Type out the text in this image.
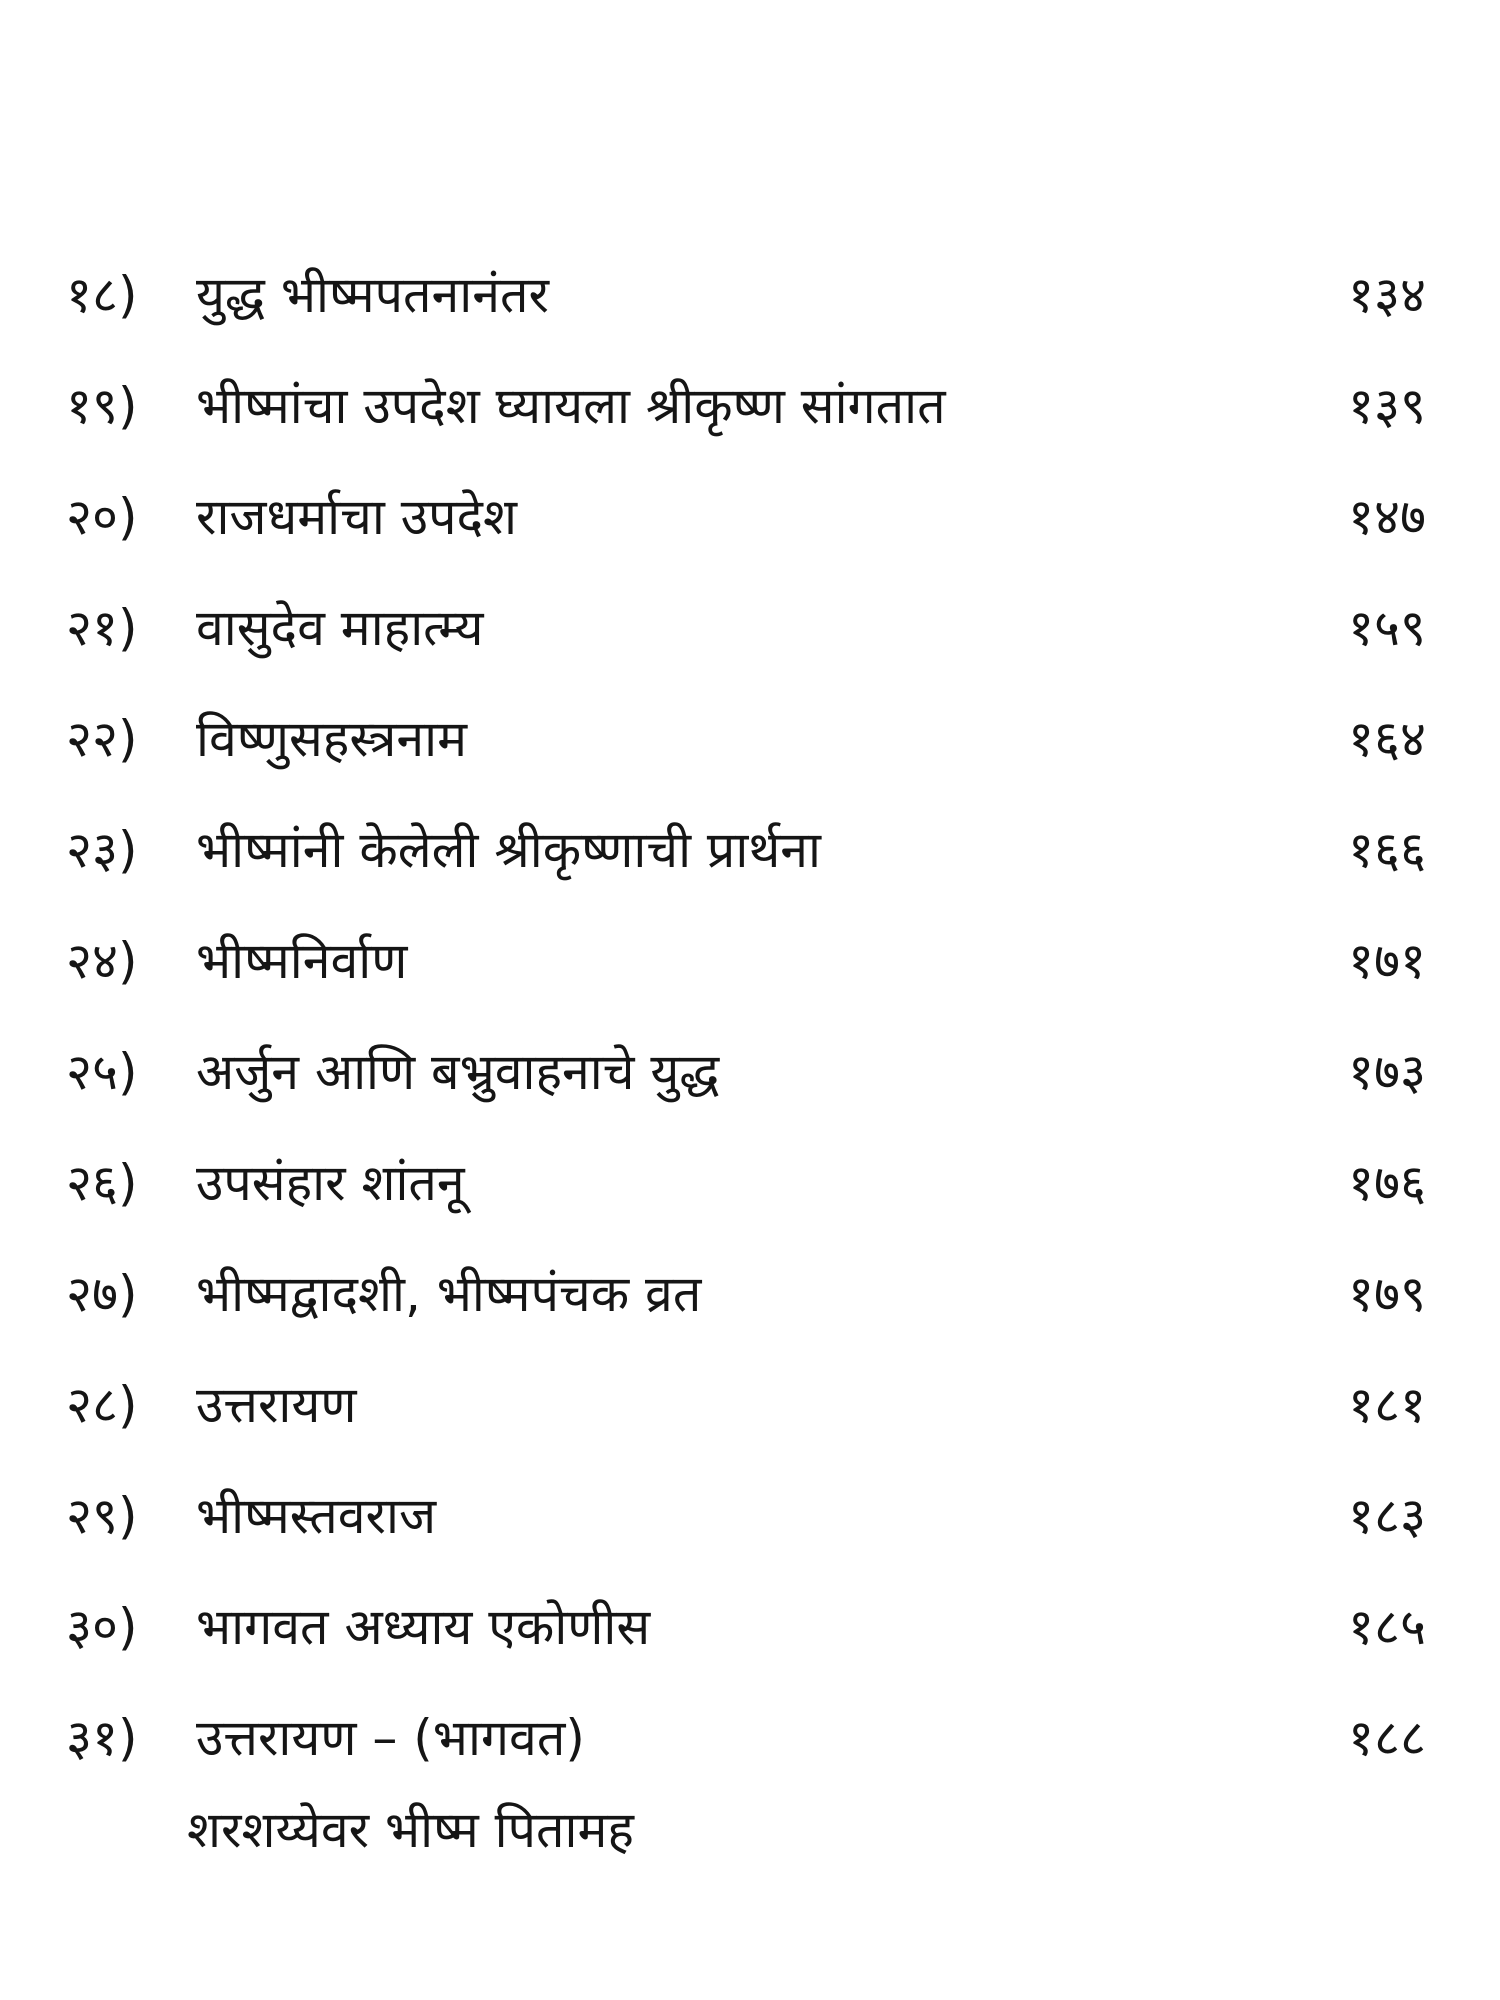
१८) युद्ध भीष्मपतनानंतर	१३४
१९) भीष्मांचा उपदेश घ्यायला श्रीकृष्ण सांगतात	१३९
२०) राजधर्माचा उपदेश	१४७
२१) वासुदेव माहात्म्य	१५९
२२) विष्णुसहस्त्रनाम	१६४
२३) भीष्मांनी केलेली श्रीकृष्णाची प्रार्थना	१६६
२४) भीष्मनिर्वाण	१७१
२५) अर्जुन आणि बभ्रुवाहनाचे युद्ध	१७३
२६) उपसंहार शांतनू	१७६
२७) भीष्मद्वादशी, भीष्मपंचक व्रत	१७९
२८) उत्तरायण	१८१
२९) भीष्मस्तवराज	१८३
३०) भागवत अध्याय एकोणीस	१८५
३१) उत्तरायण – (भागवत)	१८८
शरशय्येवर भीष्म पितामह
